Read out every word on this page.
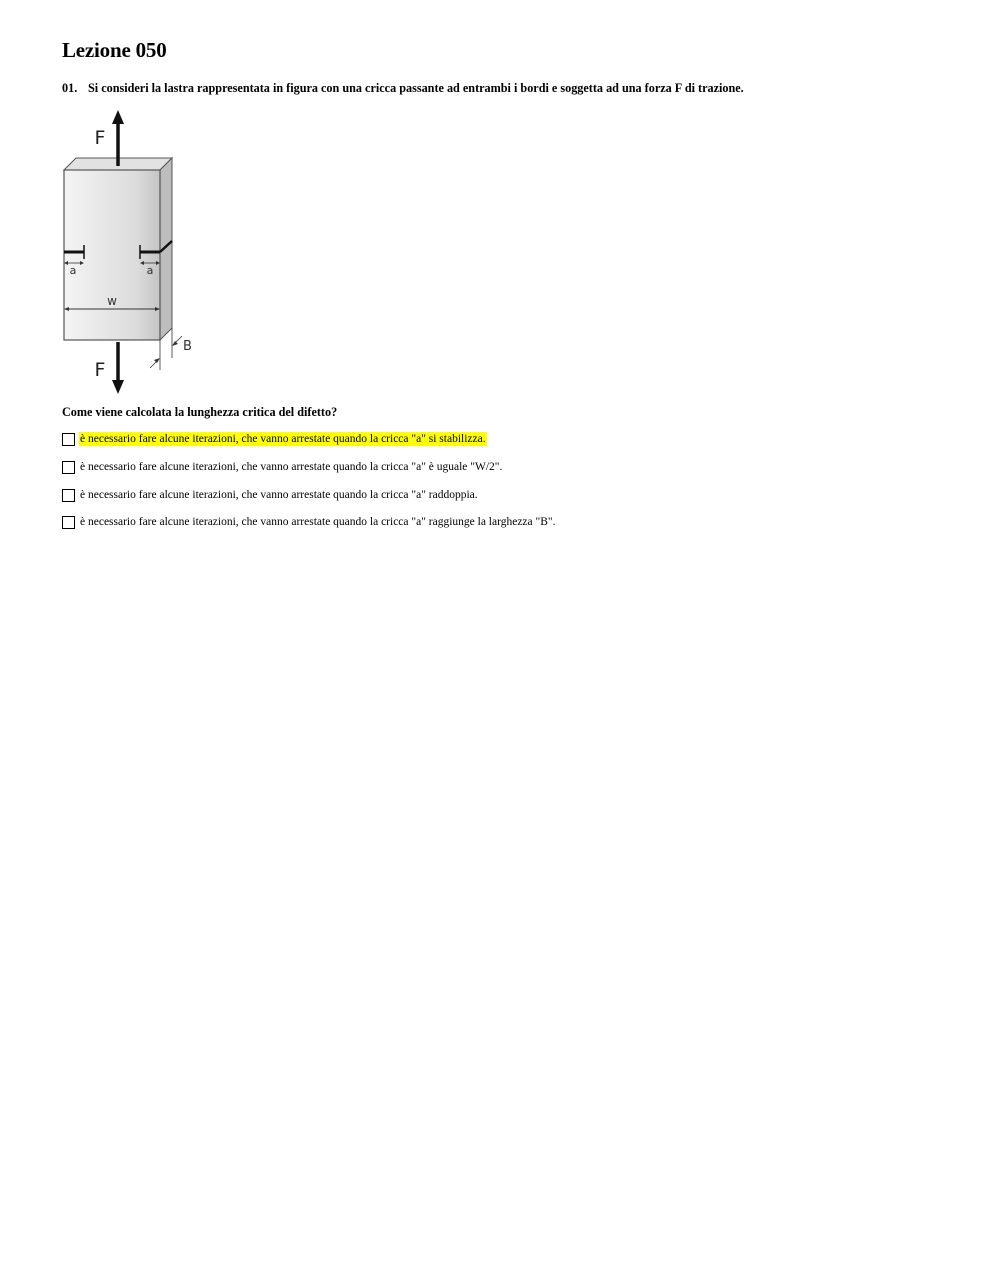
Lezione 050
01. Si consideri la lastra rappresentata in figura con una cricca passante ad entrambi i bordi e soggetta ad una forza F di trazione.
a	a
w
B
F
F
Come viene calcolata la lunghezza critica del difetto?
è necessario fare alcune iterazioni, che vanno arrestate quando la cricca "a" si stabilizza.
è necessario fare alcune iterazioni, che vanno arrestate quando la cricca "a" è uguale "W/2".
è necessario fare alcune iterazioni, che vanno arrestate quando la cricca "a" raddoppia.
è necessario fare alcune iterazioni, che vanno arrestate quando la cricca "a" raggiunge la larghezza "B".
